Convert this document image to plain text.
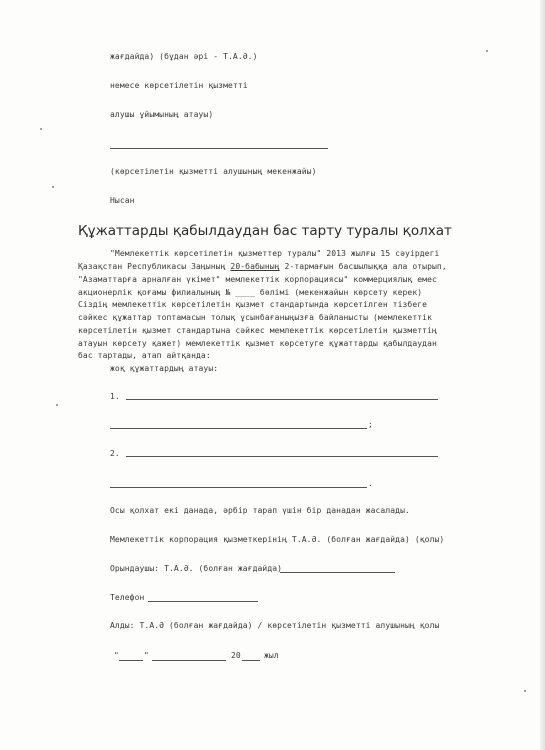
жағдайда) (бұдан әрі - Т.А.Ә.)
немесе көрсетілетін қызметті
алушы ұйымының атауы)
(көрсетілетін қызметті алушының мекенжайы)
Нысан
Құжаттарды қабылдаудан бас тарту туралы қолхат
"Мемлекеттік көрсетілетін қызметтер туралы" 2013 жылғы 15 сәуірдегі
Қазақстан Республикасы Заңының 20-бабының 2-тармағын басшылыққа ала отырып,
"Азаматтарға арналған үкімет" мемлекеттік корпорациясы" коммерциялық емес
акционерлік қоғамы филиалының № ____ бөлімі (мекенжайын көрсету керек)
Сіздің мемлекеттік көрсетілетін қызмет стандартында көрсетілген тізбеге
сәйкес құжаттар топтамасын толық ұсынбағаныңызға байланысты (мемлекеттік
көрсетілетін қызмет стандартына сәйкес мемлекеттік көрсетілетін қызметтің
атауын көрсету қажет) мемлекеттік қызмет көрсетуге құжаттарды қабылдаудан
бас тартады, атап айтқанда:
жоқ құжаттардың атауы:
1.
;
2.
.
Осы қолхат екі данада, әрбір тарап үшін бір данадан жасалады.
Мемлекеттік корпорация қызметкерінің Т.А.Ә. (болған жағдайда) (қолы)
Орындаушы: Т.А.Ә. (болған жағдайда)
Телефон
Алды: Т.А.Ә (болған жағдайда) / көрсетілетін қызметті алушының қолы
"	"	20	жыл
